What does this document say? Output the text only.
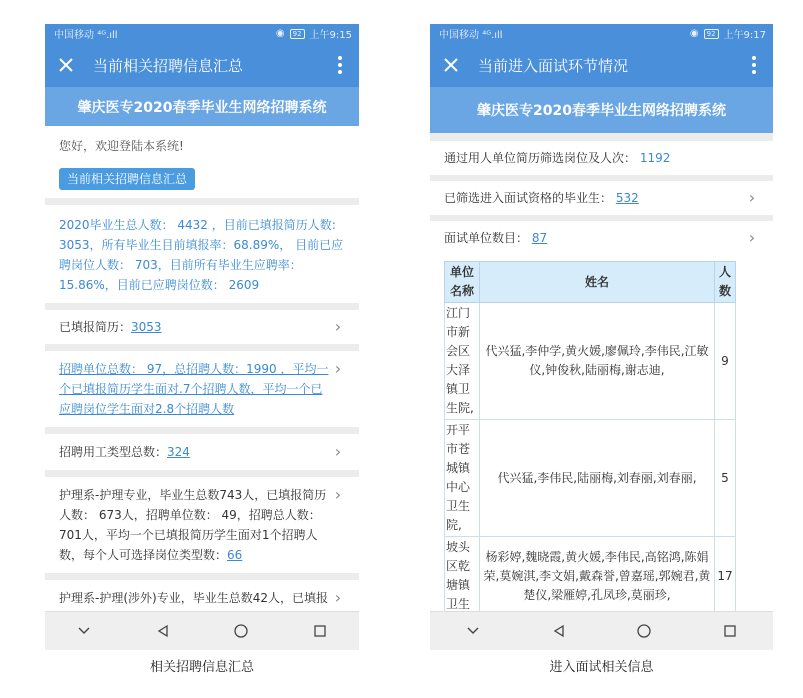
中国移动 ⁴ᴳ.ıll	◉	92 上午9:15
当前相关招聘信息汇总
肇庆医专2020春季毕业生网络招聘系统
您好，欢迎登陆本系统!
当前相关招聘信息汇总
2020毕业生总人数： 4432 ，目前已填报简历人数: 3053，所有毕业生目前填报率：68.89%， 目前已应聘岗位人数： 703，目前所有毕业生应聘率：15.86%，目前已应聘岗位数： 2609
已填报简历：3053	›
招聘单位总数： 97，总招聘人数：1990 ，平均一个已填报简历学生面对.7个招聘人数，平均一个已应聘岗位学生面对2.8个招聘人数
›
招聘用工类型总数：324	›
护理系-护理专业，毕业生总数743人，已填报简历人数： 673人，招聘单位数： 49，招聘总人数：701人，平均一个已填报简历学生面对1个招聘人数，每个人可选择岗位类型数：66
›
护理系-护理(涉外)专业，毕业生总数42人，已填报 ›
相关招聘信息汇总
中国移动 ⁴ᴳ.ıll	◉	92 上午9:17
当前进入面试环节情况
肇庆医专2020春季毕业生网络招聘系统
通过用人单位简历筛选岗位及人次： 1192
已筛选进入面试资格的毕业生： 532	›
面试单位数目： 87	›
单位名称	姓名	人数
江门市新会区大泽镇卫生院,	代兴猛,李仲学,黄火媛,廖佩玲,李伟民,江敏仪,钟俊秋,陆丽梅,谢志迪,	9
开平市苍城镇中心卫生院,	代兴猛,李伟民,陆丽梅,刘春丽,刘春丽,	5
坡头区乾塘镇卫生	杨彩婷,魏晓霞,黄火媛,李伟民,高铭鸿,陈娟荣,莫婉淇,李文娟,戴森誉,曾嘉瑶,郭婉君,黄楚仪,梁雁婷,孔凤珍,莫丽珍,	17
进入面试相关信息
